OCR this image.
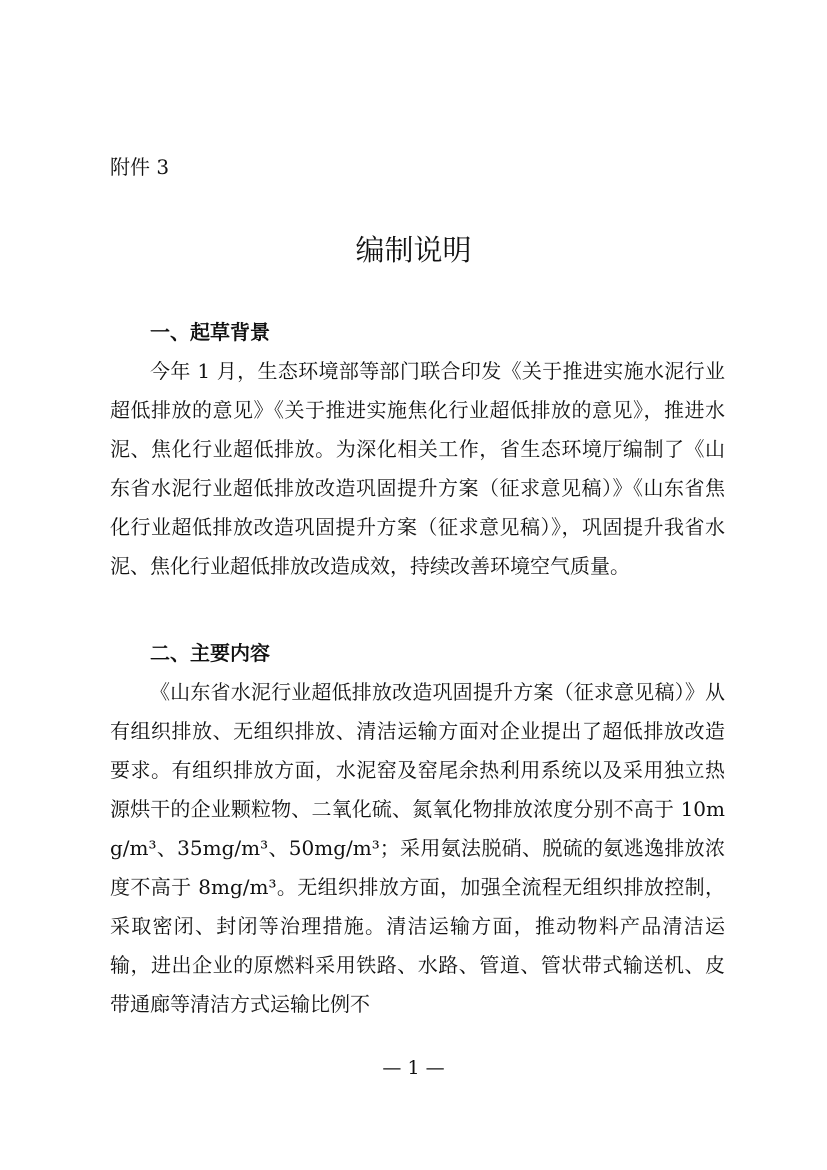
附件 3
编制说明
一、起草背景

今年 1 月，生态环境部等部门联合印发《关于推进实施水泥行业超低排放的意见》《关于推进实施焦化行业超低排放的意见》，推进水泥、焦化行业超低排放。为深化相关工作，省生态环境厅编制了《山东省水泥行业超低排放改造巩固提升方案（征求意见稿）》《山东省焦化行业超低排放改造巩固提升方案（征求意见稿）》，巩固提升我省水泥、焦化行业超低排放改造成效，持续改善环境空气质量。

二、主要内容

《山东省水泥行业超低排放改造巩固提升方案（征求意见稿）》从有组织排放、无组织排放、清洁运输方面对企业提出了超低排放改造要求。有组织排放方面，水泥窑及窑尾余热利用系统以及采用独立热源烘干的企业颗粒物、二氧化硫、氮氧化物排放浓度分别不高于 10mg/m³、35mg/m³、50mg/m³；采用氨法脱硝、脱硫的氨逃逸排放浓度不高于 8mg/m³。无组织排放方面，加强全流程无组织排放控制，采取密闭、封闭等治理措施。清洁运输方面，推动物料产品清洁运输，进出企业的原燃料采用铁路、水路、管道、管状带式输送机、皮带通廊等清洁方式运输比例不

— 1 —
